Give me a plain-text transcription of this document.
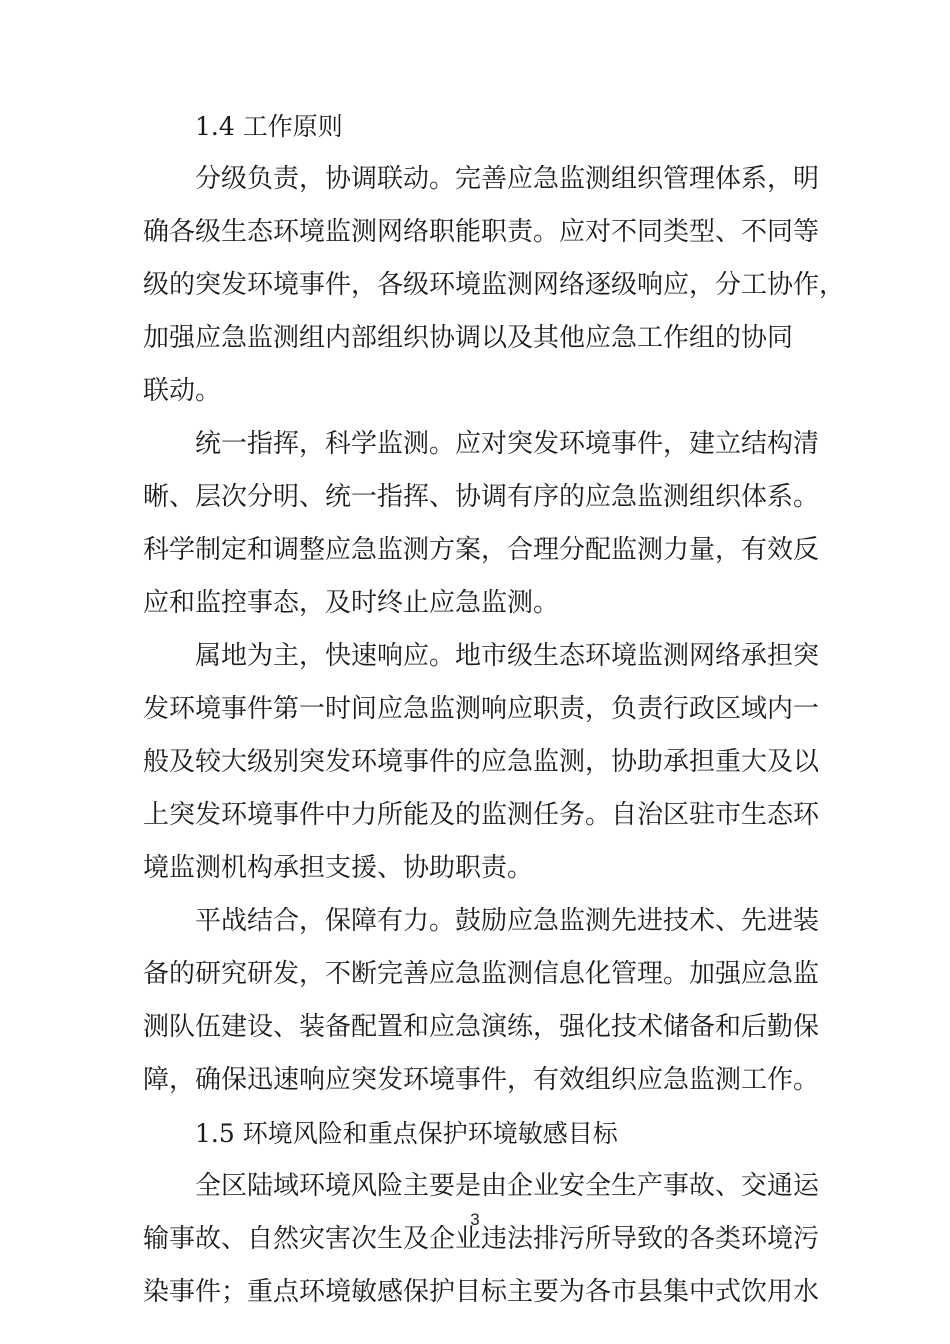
1.4 工作原则
分级负责，协调联动。完善应急监测组织管理体系，明
确各级生态环境监测网络职能职责。应对不同类型、不同等
级的突发环境事件，各级环境监测网络逐级响应，分工协作，
加强应急监测组内部组织协调以及其他应急工作组的协同
联动。
统一指挥，科学监测。应对突发环境事件，建立结构清
晰、层次分明、统一指挥、协调有序的应急监测组织体系。
科学制定和调整应急监测方案，合理分配监测力量，有效反
应和监控事态，及时终止应急监测。
属地为主，快速响应。地市级生态环境监测网络承担突
发环境事件第一时间应急监测响应职责，负责行政区域内一
般及较大级别突发环境事件的应急监测，协助承担重大及以
上突发环境事件中力所能及的监测任务。自治区驻市生态环
境监测机构承担支援、协助职责。
平战结合，保障有力。鼓励应急监测先进技术、先进装
备的研究研发，不断完善应急监测信息化管理。加强应急监
测队伍建设、装备配置和应急演练，强化技术储备和后勤保
障，确保迅速响应突发环境事件，有效组织应急监测工作。
1.5 环境风险和重点保护环境敏感目标
全区陆域环境风险主要是由企业安全生产事故、交通运
输事故、自然灾害次生及企业违法排污所导致的各类环境污
染事件；重点环境敏感保护目标主要为各市县集中式饮用水
3
